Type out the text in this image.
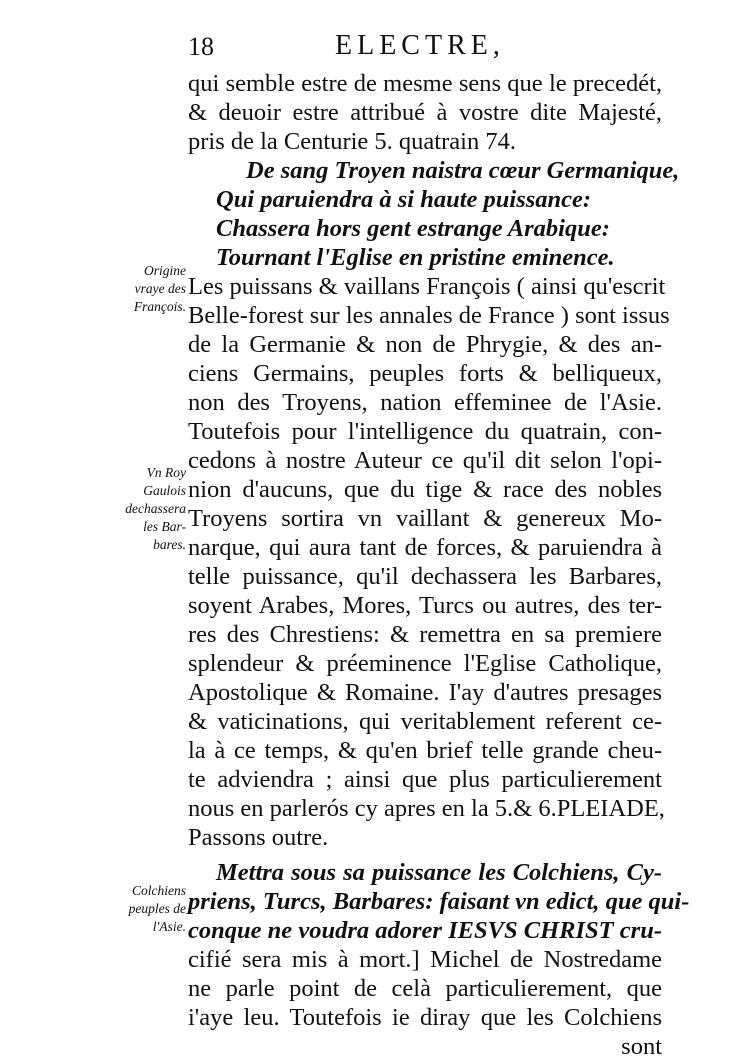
18	ELECTRE,
Origine
vraye des
François.
Vn Roy
Gaulois
dechassera
les Bar-
bares.
Colchiens
peuples de
l'Asie.
qui semble estre de mesme sens que le precedét,
& deuoir estre attribué à vostre dite Majesté,
pris de la Centurie 5. quatrain 74.
De sang Troyen naistra cœur Germanique,
Qui paruiendra à si haute puissance:
Chassera hors gent estrange Arabique:
Tournant l'Eglise en pristine eminence.
Les puissans & vaillans François ( ainsi qu'escrit
Belle-forest sur les annales de France ) sont issus
de la Germanie & non de Phrygie, & des an-
ciens Germains, peuples forts & belliqueux,
non des Troyens, nation effeminee de l'Asie.
Toutefois pour l'intelligence du quatrain, con-
cedons à nostre Auteur ce qu'il dit selon l'opi-
nion d'aucuns, que du tige & race des nobles
Troyens sortira vn vaillant & genereux Mo-
narque, qui aura tant de forces, & paruiendra à
telle puissance, qu'il dechassera les Barbares,
soyent Arabes, Mores, Turcs ou autres, des ter-
res des Chrestiens: & remettra en sa premiere
splendeur & préeminence l'Eglise Catholique,
Apostolique & Romaine. I'ay d'autres presages
& vaticinations, qui veritablement referent ce-
la à ce temps, & qu'en brief telle grande cheu-
te adviendra ; ainsi que plus particulierement
nous en parlerós cy apres en la 5.& 6.PLEIADE,
Passons outre.
Mettra sous sa puissance les Colchiens, Cy-
priens, Turcs, Barbares: faisant vn edict, que qui-
conque ne voudra adorer IESVS CHRIST cru-
cifié sera mis à mort.] Michel de Nostredame
ne parle point de celà particulierement, que
i'aye leu. Toutefois ie diray que les Colchiens
sont
